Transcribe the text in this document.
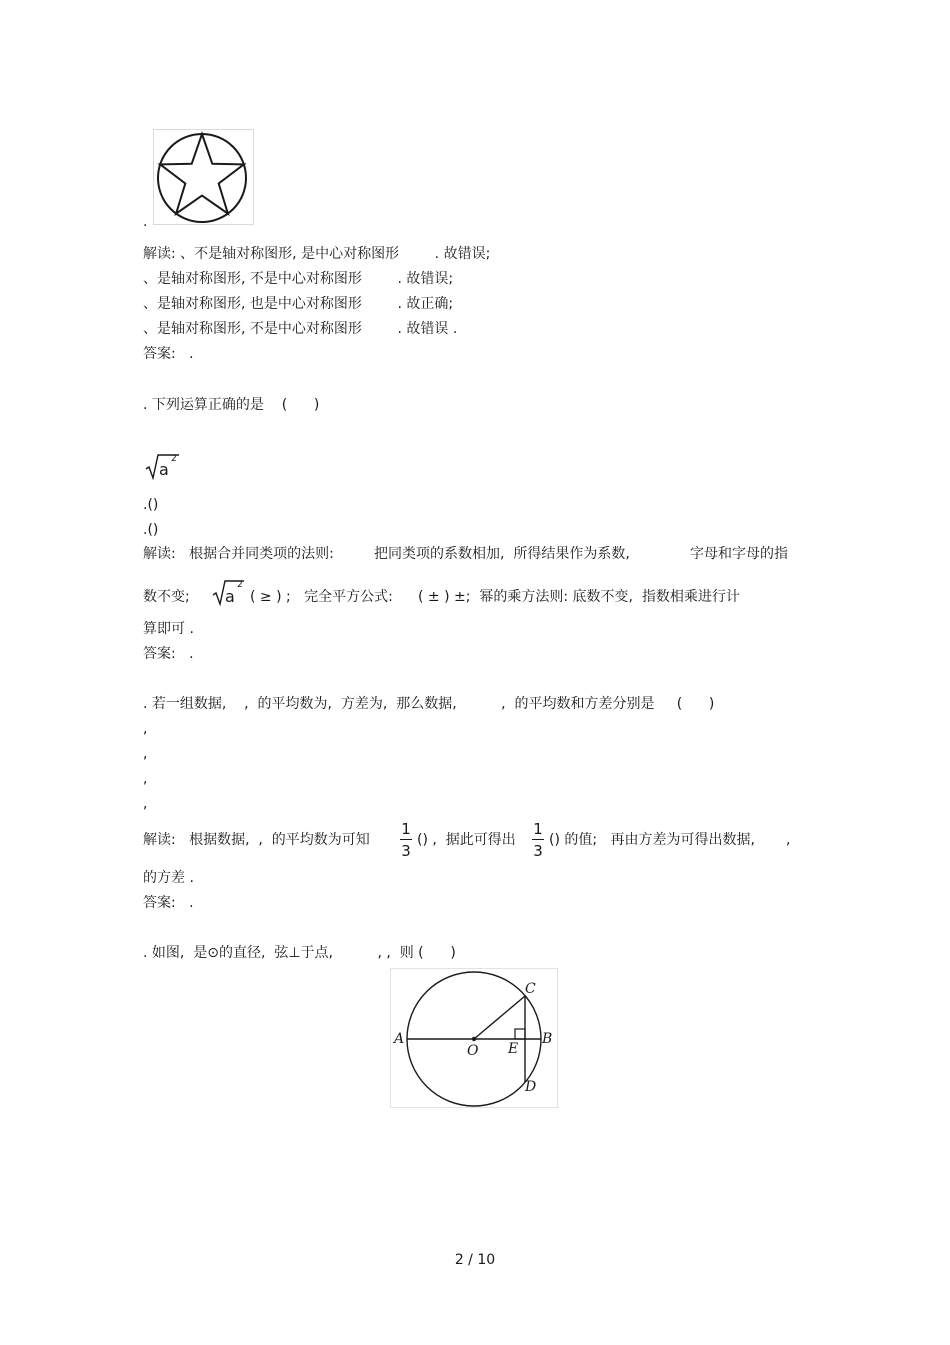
.
解读: 、不是轴对称图形, 是中心对称图形        . 故错误;
、是轴对称图形, 不是中心对称图形        . 故错误;
、是轴对称图形, 也是中心对称图形        . 故正确;
、是轴对称图形, 不是中心对称图形        . 故错误 .
答案:   .
. 下列运算正确的是    (      )
a
2
.()
.()
解读:   根据合并同类项的法则:	把同类项的系数相加,  所得结果作为系数,	字母和字母的指
数不变; a
2
( ≥ ) ;   完全平方公式: ( ± ) ±;  幂的乘方法则: 底数不变,  指数相乘进行计
算即可 .
答案:   .
. 若一组数据,    ,  的平均数为,  方差为,  那么数据,          ,  的平均数和方差分别是     (      )
,
,
,
,
解读:   根据数据,  ,  的平均数为可知
1
3
() ,  据此可得出
1
3
() 的值;   再由方差为可得出数据,       ,
的方差 .
答案:   .
. 如图,  是⊙的直径,  弦⊥于点,          , ,  则 (      )
A	B
C
D
E
O
2 / 10
